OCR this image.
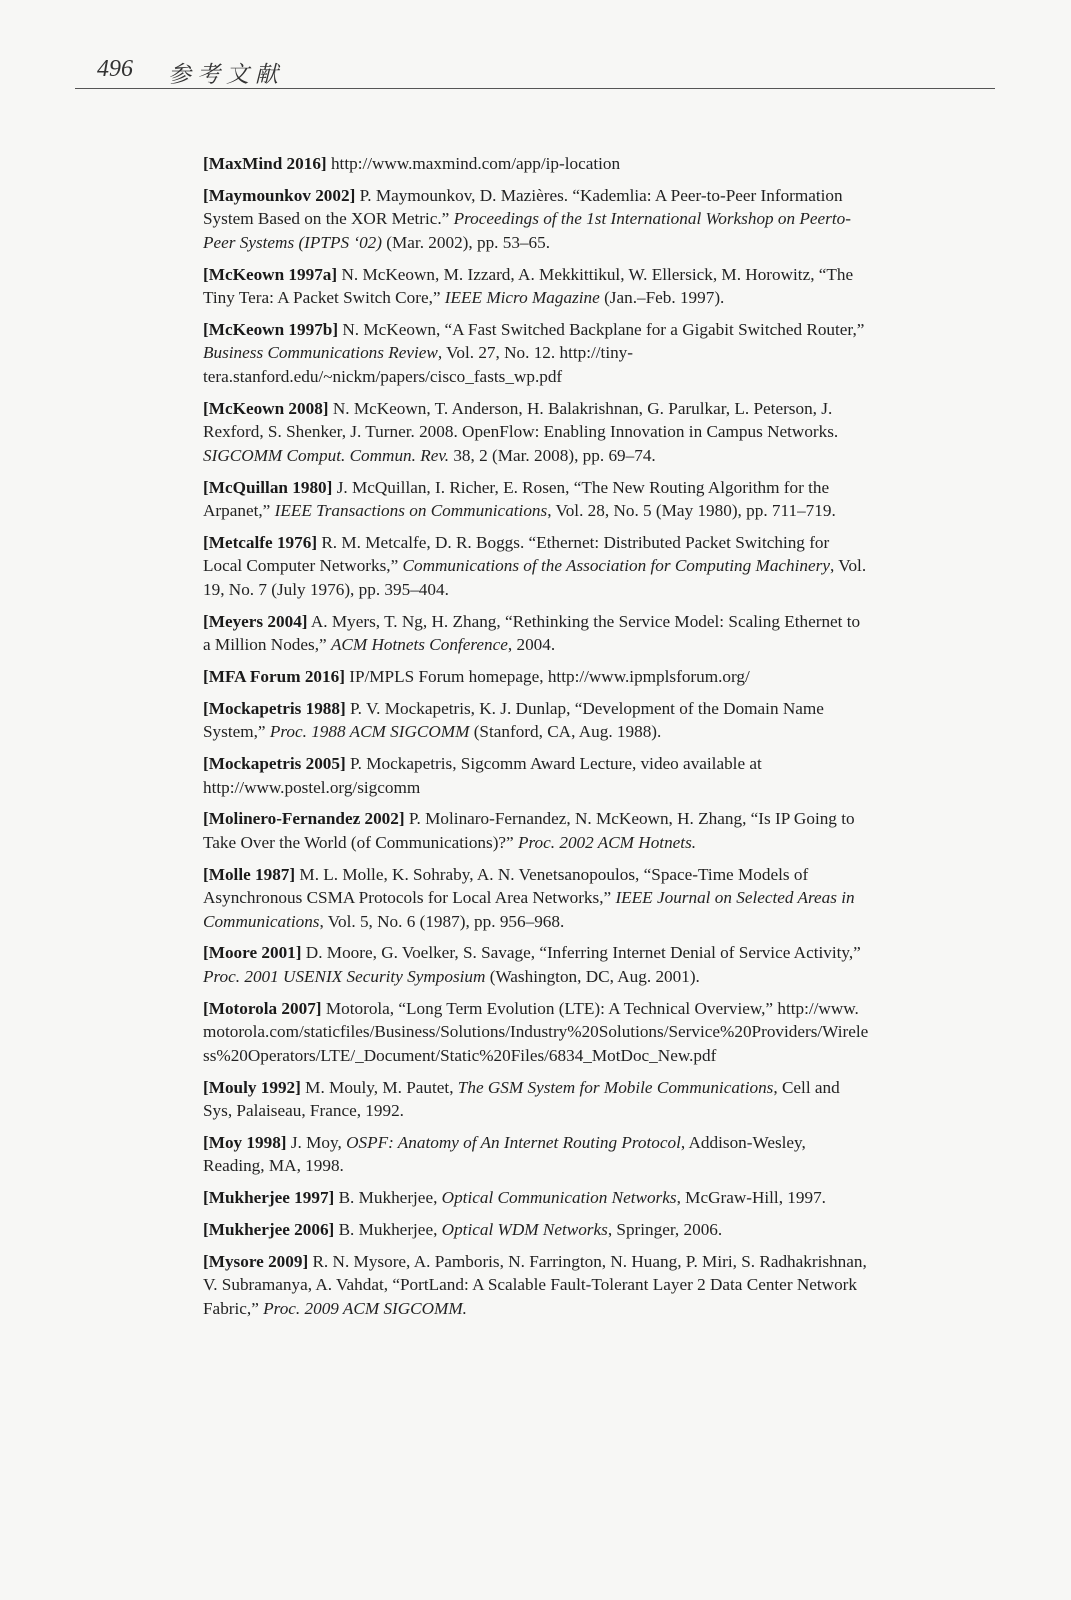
496 参考文献

[MaxMind 2016] http://www.maxmind.com/app/ip-location

[Maymounkov 2002] P. Maymounkov, D. Mazières. “Kademlia: A Peer-to-Peer Information System Based on the XOR Metric.” Proceedings of the 1st International Workshop on Peerto-Peer Systems (IPTPS ‘02) (Mar. 2002), pp. 53–65.

[McKeown 1997a] N. McKeown, M. Izzard, A. Mekkittikul, W. Ellersick, M. Horowitz, “The Tiny Tera: A Packet Switch Core,” IEEE Micro Magazine (Jan.–Feb. 1997).

[McKeown 1997b] N. McKeown, “A Fast Switched Backplane for a Gigabit Switched Router,” Business Communications Review, Vol. 27, No. 12. http://tiny-tera.stanford.edu/~nickm/papers/cisco_fasts_wp.pdf

[McKeown 2008] N. McKeown, T. Anderson, H. Balakrishnan, G. Parulkar, L. Peterson, J. Rexford, S. Shenker, J. Turner. 2008. OpenFlow: Enabling Innovation in Campus Networks. SIGCOMM Comput. Commun. Rev. 38, 2 (Mar. 2008), pp. 69–74.

[McQuillan 1980] J. McQuillan, I. Richer, E. Rosen, “The New Routing Algorithm for the Arpanet,” IEEE Transactions on Communications, Vol. 28, No. 5 (May 1980), pp. 711–719.

[Metcalfe 1976] R. M. Metcalfe, D. R. Boggs. “Ethernet: Distributed Packet Switching for Local Computer Networks,” Communications of the Association for Computing Machinery, Vol. 19, No. 7 (July 1976), pp. 395–404.

[Meyers 2004] A. Myers, T. Ng, H. Zhang, “Rethinking the Service Model: Scaling Ethernet to a Million Nodes,” ACM Hotnets Conference, 2004.

[MFA Forum 2016] IP/MPLS Forum homepage, http://www.ipmplsforum.org/

[Mockapetris 1988] P. V. Mockapetris, K. J. Dunlap, “Development of the Domain Name System,” Proc. 1988 ACM SIGCOMM (Stanford, CA, Aug. 1988).

[Mockapetris 2005] P. Mockapetris, Sigcomm Award Lecture, video available at http://www.postel.org/sigcomm

[Molinero-Fernandez 2002] P. Molinaro-Fernandez, N. McKeown, H. Zhang, “Is IP Going to Take Over the World (of Communications)?” Proc. 2002 ACM Hotnets.

[Molle 1987] M. L. Molle, K. Sohraby, A. N. Venetsanopoulos, “Space-Time Models of Asynchronous CSMA Protocols for Local Area Networks,” IEEE Journal on Selected Areas in Communications, Vol. 5, No. 6 (1987), pp. 956–968.

[Moore 2001] D. Moore, G. Voelker, S. Savage, “Inferring Internet Denial of Service Activity,” Proc. 2001 USENIX Security Symposium (Washington, DC, Aug. 2001).

[Motorola 2007] Motorola, “Long Term Evolution (LTE): A Technical Overview,” http://www.motorola.com/staticfiles/Business/Solutions/Industry%20Solutions/Service%20Providers/Wireless%20Operators/LTE/_Document/Static%20Files/6834_MotDoc_New.pdf

[Mouly 1992] M. Mouly, M. Pautet, The GSM System for Mobile Communications, Cell and Sys, Palaiseau, France, 1992.

[Moy 1998] J. Moy, OSPF: Anatomy of An Internet Routing Protocol, Addison-Wesley, Reading, MA, 1998.

[Mukherjee 1997] B. Mukherjee, Optical Communication Networks, McGraw-Hill, 1997.

[Mukherjee 2006] B. Mukherjee, Optical WDM Networks, Springer, 2006.

[Mysore 2009] R. N. Mysore, A. Pamboris, N. Farrington, N. Huang, P. Miri, S. Radhakrishnan, V. Subramanya, A. Vahdat, “PortLand: A Scalable Fault-Tolerant Layer 2 Data Center Network Fabric,” Proc. 2009 ACM SIGCOMM.
